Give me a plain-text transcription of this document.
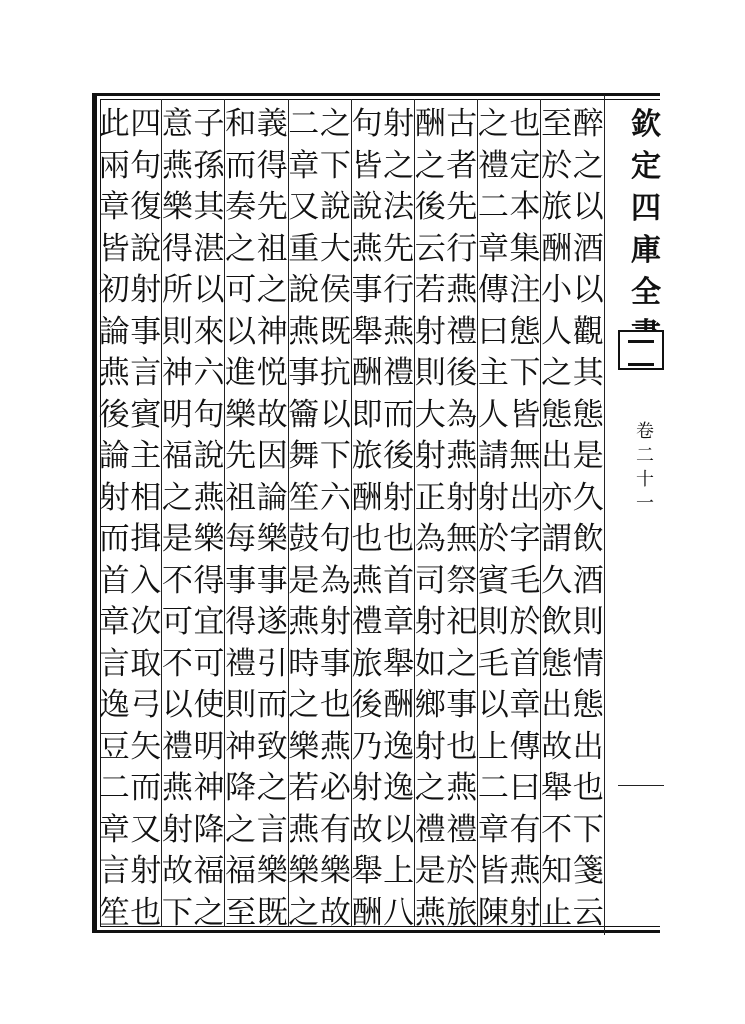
欽
定
四
庫
全
卷
二
十
一
醉
之
以
酒
以
觀
其
態
是
久
飲
酒
則
情
態
出
也
下
箋
云
至
於
旅
酬
小
人
之
態
出
亦
謂
久
飲
態
出
故
舉
不
知
止
也
定
本
集
注
態
下
皆
無
出
字
毛
於
首
章
傳
曰
有
燕
射
之
禮
二
章
傳
曰
主
人
請
射
於
賓
則
毛
以
上
二
章
皆
陳
古
者
先
行
燕
禮
後
為
燕
射
無
祭
祀
之
事
也
燕
禮
於
旅
酬
之
後
云
若
射
則
大
射
正
為
司
射
如
鄉
射
之
禮
是
燕
射
之
法
先
行
燕
禮
而
後
射
也
首
章
舉
酬
逸
逸
以
上
八
句
皆
說
燕
事
舉
酬
即
旅
酬
也
燕
禮
旅
後
乃
射
故
舉
酬
之
下
說
大
侯
既
抗
以
下
六
句
為
射
事
也
燕
必
有
樂
故
二
章
又
重
說
燕
事
籥
舞
笙
鼓
是
燕
時
之
樂
若
燕
樂
之
義
得
先
祖
之
神
悦
故
因
論
樂
事
遂
引
而
致
之
言
樂
既
和
而
奏
之
可
以
進
樂
先
祖
每
事
得
禮
則
神
降
之
福
至
子
孫
其
湛
以
來
六
句
說
燕
樂
得
宜
可
使
明
神
降
福
之
意
燕
樂
得
所
則
神
明
福
之
是
不
可
不
以
禮
燕
射
故
下
四
句
復
說
射
事
言
賓
主
相
揖
入
次
取
弓
矢
而
又
射
也
此
兩
章
皆
初
論
燕
後
論
射
而
首
章
言
逸
豆
二
章
言
笙
